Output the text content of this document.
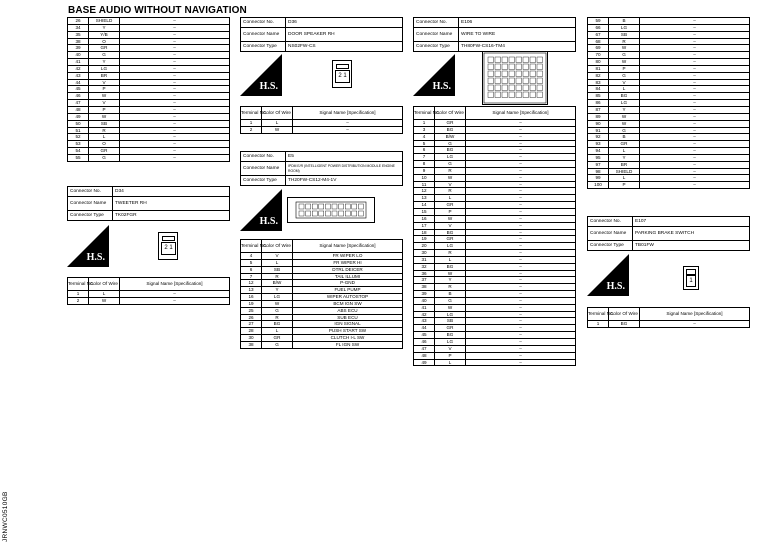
BASE AUDIO WITHOUT NAVIGATION
JRNWC0510GB
26	SHIELD	–
34	Y	–
35	Y/B	–
38	O	–
39	GR	–
40	G	–
41	Y	–
42	LG	–
43	BR	–
44	V	–
45	P	–
46	W	–
47	V	–
48	P	–
49	W	–
50	SB	–
51	R	–
52	L	–
53	O	–
54	GR	–
55	G	–
Connector No.	D34
Connector Name	TWEETER RH
Connector Type	TK02FGR
H.S.
2 1
Terminal No.	Color Of Wire	Signal Name [Specification]
1	L	–
2	W	–
Connector No.	D36
Connector Name	DOOR SPEAKER RH
Connector Type	NS02FW-CS
H.S.
2 1
Terminal No.	Color Of Wire	Signal Name [Specification]
1	L	–
2	W	–
Connector No.	E5
Connector Name	IPDM E/R (INTELLIGENT POWER DISTRIBUTION MODULE ENGINE ROOM)
Connector Type	TH20FW-CS12-M4-1V
H.S.
Terminal No.	Color Of Wire	Signal Name [Specification]
4	V	FR WIPER LO
5	L	FR WIPER HI
6	SB	DTRL DEICER
7	R	TAIL ILLUMI
12	B/W	P-GND
13	Y	FUEL PUMP
16	LG	WIPER AUTOSTOP
19	W	BCM IGN SW
25	G	ABS ECU
26	R	SUB ECU
27	BG	IGN SIGNAL
28	L	PUSH START SW
30	GR	CLUTCH I-L SW
38	G	FL IGN SW
Connector No.	E106
Connector Name	WIRE TO WIRE
Connector Type	TH80FW-CS16-TM4
H.S.
Terminal No.	Color Of Wire	Signal Name [Specification]
1	GR	–
3	BG	–
4	B/W	–
5	G	–
6	BG	–
7	LG	–
8	G	–
9	R	–
10	W	–
11	V	–
12	R	–
13	L	–
14	GR	–
15	P	–
16	W	–
17	V	–
18	BG	–
19	GR	–
20	LG	–
30	R	–
31	L	–
32	BG	–
36	W	–
37	Y	–
38	R	–
39	B	–
40	G	–
41	W	–
42	LG	–
43	SB	–
44	GR	–
45	BG	–
46	LG	–
47	V	–
48	P	–
49	L	–
59	B	–
66	LG	–
67	SB	–
68	R	–
69	W	–
70	G	–
80	W	–
81	P	–
82	G	–
83	V	–
84	L	–
85	BG	–
86	LG	–
87	Y	–
89	W	–
90	W	–
91	G	–
92	B	–
93	GR	–
94	L	–
95	Y	–
97	BR	–
98	SHIELD	–
99	L	–
100	P	–
Connector No.	E107
Connector Name	PARKING BRAKE SWITCH
Connector Type	TB01FW
H.S.	1
Terminal No.	Color Of Wire	Signal Name [Specification]
1	BG	–
